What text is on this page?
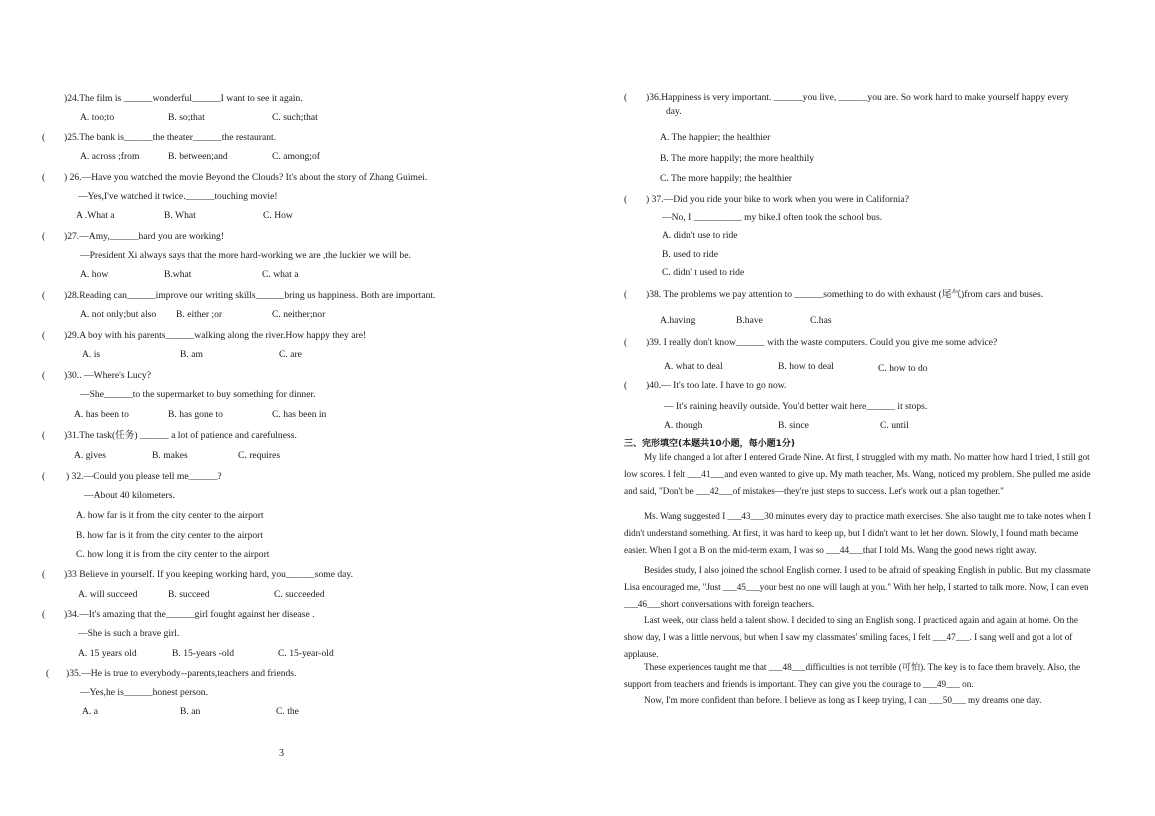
)24.The film is ______wonderful______I want to see it again.
(
A. too;to	B. so;that	C. such;that
)25.The bank is______the theater______the restaurant.
A. across ;from	B. between;and	C. among;of
( ) 26.—Have you watched the movie Beyond the Clouds? It's about the story of Zhang Guimei.
—Yes,I've watched it twice.______touching movie!
A .What a	B. What	C. How
( )27.—Amy,______hard you are working!
—President Xi always says that the more hard-working we are ,the luckier we will be.
A. how	B.what	C. what a
( )28.Reading can______improve our writing skills______bring us happiness. Both are important.
A. not only;but also B. either ;or	C. neither;nor
( )29.A boy with his parents______walking along the river.How happy they are!
A. is	B. am	C. are
( )30.. —Where's Lucy?
—She______to the supermarket to buy something for dinner.
A. has been to	B. has gone to	C. has been in
( )31.The task(任务) ______ a lot of patience and carefulness.
A. gives	B. makes	C. requires
( ) 32.—Could you please tell me______?
—About 40 kilometers.
A. how far is it from the city center to the airport
B. how far is it from the city center to the airport
C. how long it is from the city center to the airport
( )33 Believe in yourself. If you keeping working hard, you______some day.
A. will succeed	B. succeed	C. succeeded
( )34.—It's amazing that the______girl fought against her disease .
—She is such a brave girl.
A. 15 years old	B. 15-years -old	C. 15-year-old
( )35.—He is true to everybody--parents,teachers and friends.
—Yes,he is______honest person.
A. a	B. an	C. the
3
( )36.Happiness is very important. ______you live, ______you are. So work hard to make yourself happy every
day.
A. The happier; the healthier
B. The more happily; the more healthily
C. The more happily; the healthier
( ) 37.—Did you ride your bike to work when you were in California?
—No, I __________ my bike.I often took the school bus.
A. didn't use to ride
B. used to ride
C. didn' t used to ride
( )38. The problems we pay attention to ______something to do with exhaust (尾气)from cars and buses.
A.having	B.have	C.has
( )39. I really don't know______ with the waste computers. Could you give me some advice?
A. what to deal	B. how to deal	C. how to do
( )40.— It's too late. I have to go now.
— It's raining heavily outside. You'd better wait here______ it stops.
A. though	B. since	C. until
三、完形填空(本题共10小题，每小题1分)
My life changed a lot after I entered Grade Nine. At first, I struggled with my math. No matter how hard I tried, I still got low scores. I felt ___41___and even wanted to give up. My math teacher, Ms. Wang, noticed my problem. She pulled me aside and said, "Don't be ___42___of mistakes—they're just steps to success. Let's work out a plan together."
Ms. Wang suggested I ___43___30 minutes every day to practice math exercises. She also taught me to take notes when I didn't understand something. At first, it was hard to keep up, but I didn't want to let her down. Slowly, I found math became easier. When I got a B on the mid-term exam, I was so ___44___that I told Ms. Wang the good news right away.
Besides study, I also joined the school English corner. I used to be afraid of speaking English in public. But my classmate Lisa encouraged me, "Just ___45___your best no one will laugh at you." With her help, I started to talk more. Now, I can even ___46___short conversations with foreign teachers.
Last week, our class held a talent show. I decided to sing an English song. I practiced again and again at home. On the show day, I was a little nervous, but when I saw my classmates' smiling faces, I felt ___47___. I sang well and got a lot of applause.
These experiences taught me that ___48___difficulties is not terrible (可怕). The key is to face them bravely. Also, the support from teachers and friends is important. They can give you the courage to ___49___ on.
Now, I'm more confident than before. I believe as long as I keep trying, I can ___50___ my dreams one day.
